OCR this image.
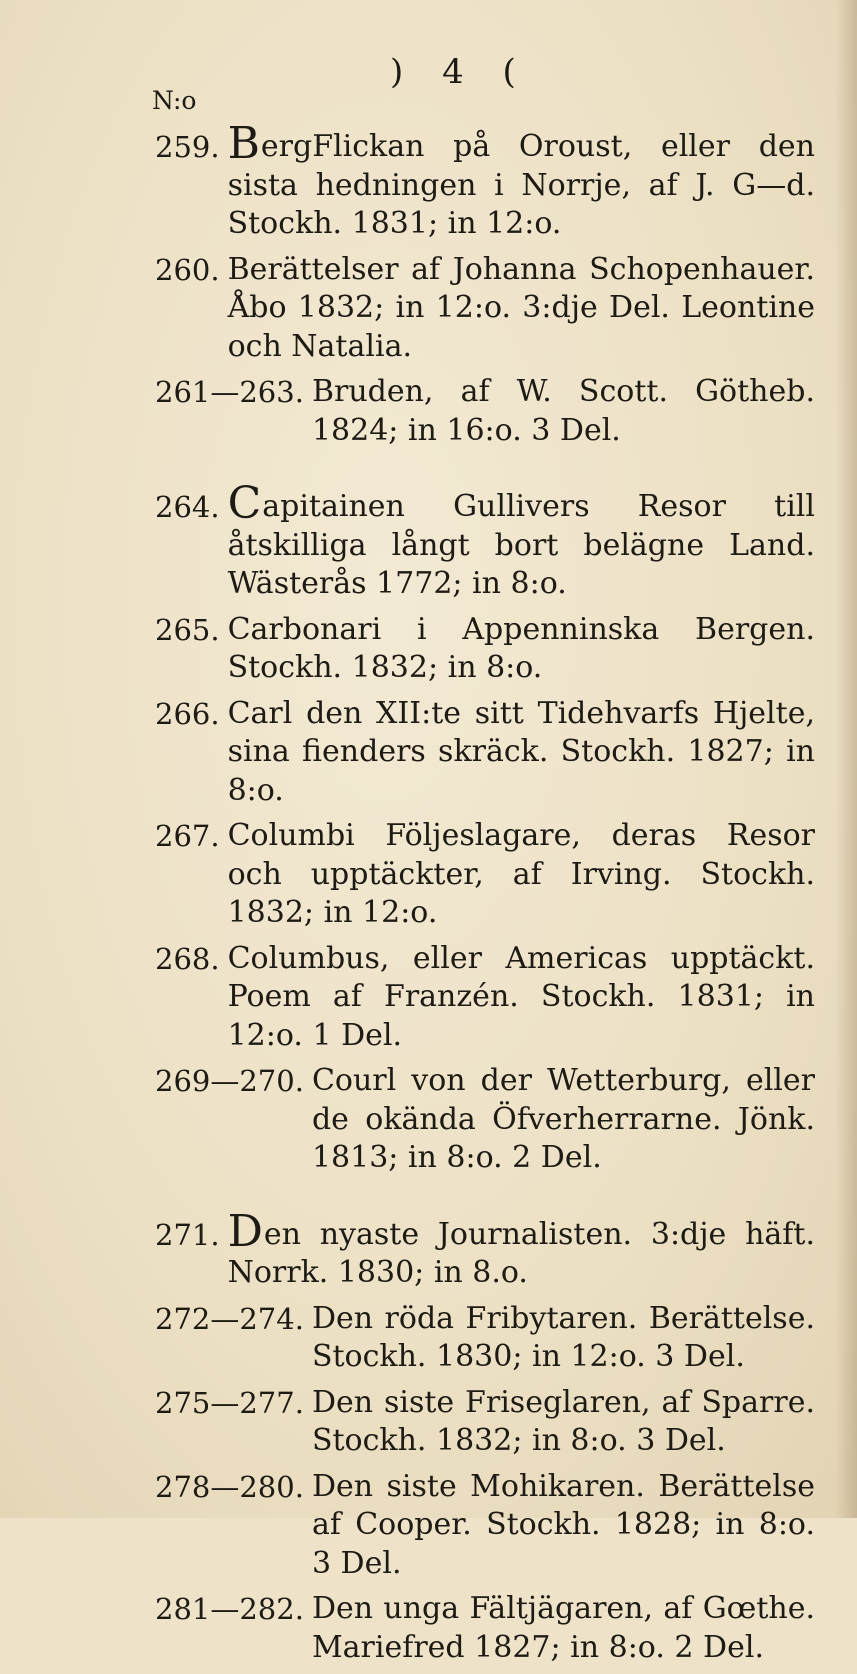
N:o
) 4 (
259. BergFlickan på Oroust, eller den sista hedningen i Norrje, af J. G—d. Stockh. 1831; in 12:o.
260. Berättelser af Johanna Schopenhauer. Åbo 1832; in 12:o. 3:dje Del. Leontine och Natalia.
261—263. Bruden, af W. Scott. Götheb. 1824; in 16:o. 3 Del.
264. Capitainen Gullivers Resor till åtskilliga långt bort belägne Land. Wästerås 1772; in 8:o.
265. Carbonari i Appenninska Bergen. Stockh. 1832; in 8:o.
266. Carl den XII:te sitt Tidehvarfs Hjelte, sina fienders skräck. Stockh. 1827; in 8:o.
267. Columbi Följeslagare, deras Resor och upptäckter, af Irving. Stockh. 1832; in 12:o.
268. Columbus, eller Americas upptäckt. Poem af Franzén. Stockh. 1831; in 12:o. 1 Del.
269—270. Courl von der Wetterburg, eller de okända Öfverherrarne. Jönk. 1813; in 8:o. 2 Del.
271. Den nyaste Journalisten. 3:dje häft. Norrk. 1830; in 8.o.
272—274. Den röda Fribytaren. Berättelse. Stockh. 1830; in 12:o. 3 Del.
275—277. Den siste Friseglaren, af Sparre. Stockh. 1832; in 8:o. 3 Del.
278—280. Den siste Mohikaren. Berättelse af Cooper. Stockh. 1828; in 8:o. 3 Del.
281—282. Den unga Fältjägaren, af Gœthe. Mariefred 1827; in 8:o. 2 Del.
